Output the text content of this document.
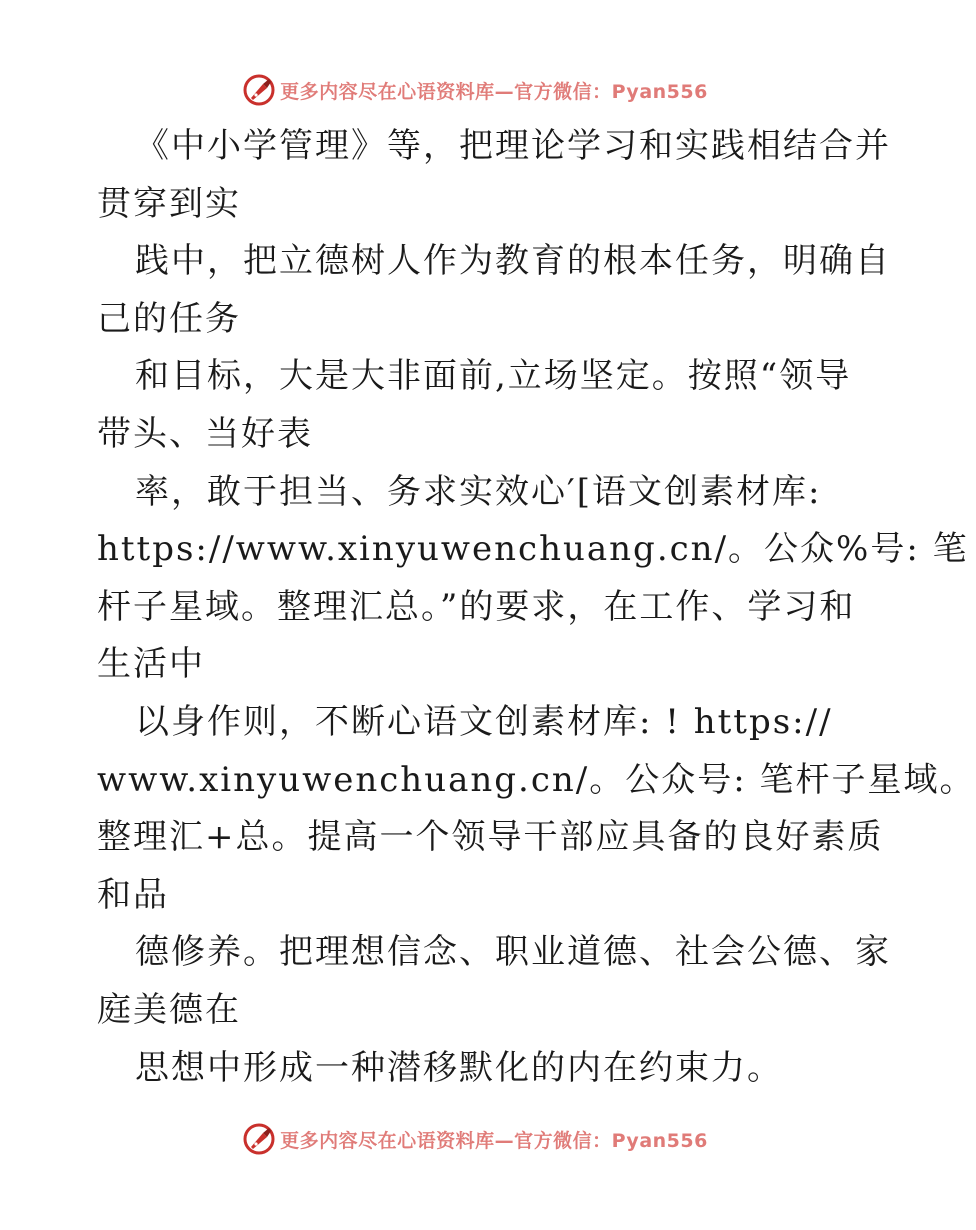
更多内容尽在心语资料库—官方微信：Pyan556
《中小学管理》等，把理论学习和实践相结合并
贯穿到实
践中，把立德树人作为教育的根本任务，明确自
己的任务
和目标，大是大非面前,立场坚定。按照“领导
带头、当好表
率，敢于担当、务求实效心′[语文创素材库:
https://www.xinyuwenchuang.cn/。公众%号: 笔
杆子星域。整理汇总。”的要求，在工作、学习和
生活中
以身作则，不断心语文创素材库: ! https://
www.xinyuwenchuang.cn/。公众号: 笔杆子星域。
整理汇+总。提高一个领导干部应具备的良好素质
和品
德修养。把理想信念、职业道德、社会公德、家
庭美德在
思想中形成一种潜移默化的内在约束力。
更多内容尽在心语资料库—官方微信：Pyan556
